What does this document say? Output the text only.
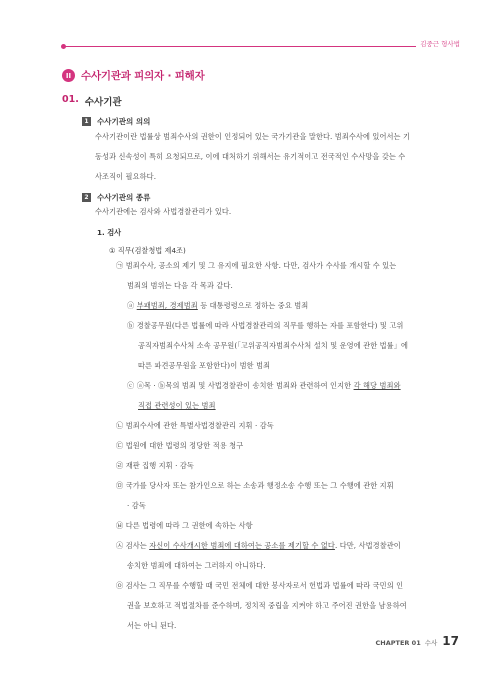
김중근 형사법
II 수사기관과 피의자 · 피해자
01. 수사기관
1	수사기관의 의의
수사기관이란 법률상 범죄수사의 권한이 인정되어 있는 국가기관을 말한다. 범죄수사에 있어서는 기
동성과 신속성이 특히 요청되므로, 이에 대처하기 위해서는 유기적이고 전국적인 수사망을 갖는 수
사조직이 필요하다.
2	수사기관의 종류
수사기관에는 검사와 사법경찰관리가 있다.
1. 검사
① 직무(검찰청법 제4조)
㉠ 범죄수사, 공소의 제기 및 그 유지에 필요한 사항. 다만, 검사가 수사를 개시할 수 있는
범죄의 범위는 다음 각 목과 같다.
ⓐ 부패범죄, 경제범죄 등 대통령령으로 정하는 중요 범죄
ⓑ 경찰공무원(다른 법률에 따라 사법경찰관리의 직무를 행하는 자를 포함한다) 및 고위
공직자범죄수사처 소속 공무원(「고위공직자범죄수사처 설치 및 운영에 관한 법률」에
따른 파견공무원을 포함한다)이 범한 범죄
ⓒ ⓐ목 · ⓑ목의 범죄 및 사법경찰관이 송치한 범죄와 관련하여 인지한 각 해당 범죄와
직접 관련성이 있는 범죄
㉡ 범죄수사에 관한 특별사법경찰관리 지휘 · 감독
㉢ 법원에 대한 법령의 정당한 적용 청구
㉣ 재판 집행 지휘 · 감독
㉤ 국가를 당사자 또는 참가인으로 하는 소송과 행정소송 수행 또는 그 수행에 관한 지휘
· 감독
㉥ 다른 법령에 따라 그 권한에 속하는 사항
㉦ 검사는 자신이 수사개시한 범죄에 대하여는 공소를 제기할 수 없다. 다만, 사법경찰관이
송치한 범죄에 대하여는 그러하지 아니하다.
㉧ 검사는 그 직무를 수행할 때 국민 전체에 대한 봉사자로서 헌법과 법률에 따라 국민의 인
권을 보호하고 적법절차를 준수하며, 정치적 중립을 지켜야 하고 주어진 권한을 남용하여
서는 아니 된다.
CHAPTER 01 수사 17
